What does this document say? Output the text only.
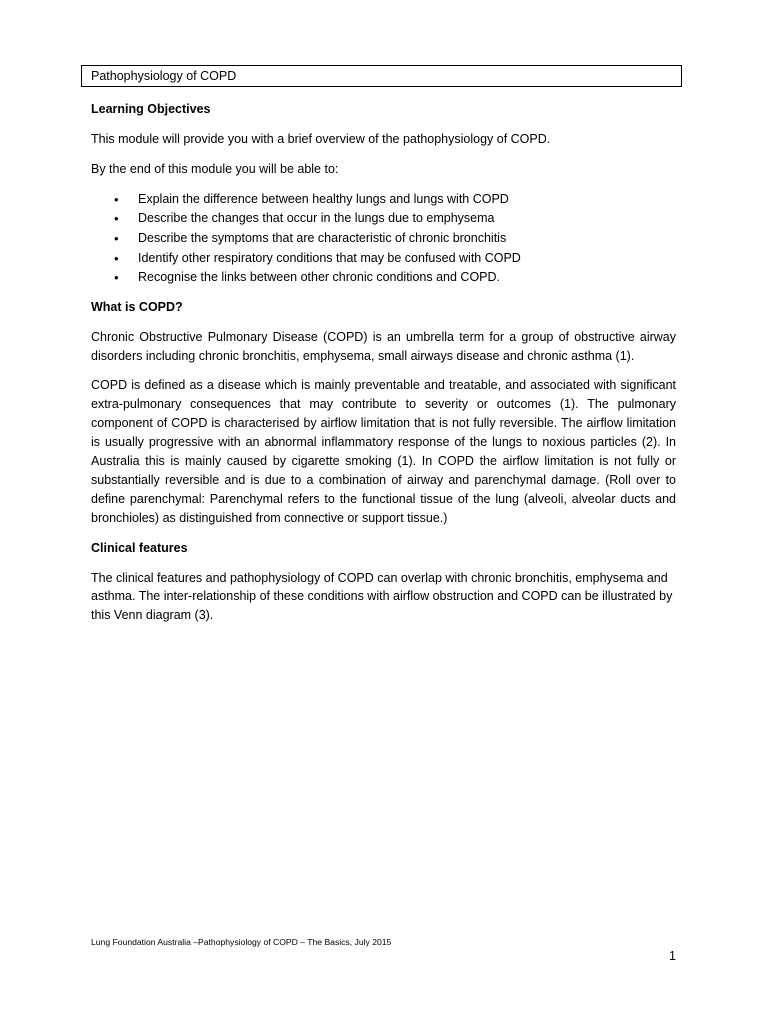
Pathophysiology of COPD
Learning Objectives

This module will provide you with a brief overview of the pathophysiology of COPD.

By the end of this module you will be able to:

• Explain the difference between healthy lungs and lungs with COPD
• Describe the changes that occur in the lungs due to emphysema
• Describe the symptoms that are characteristic of chronic bronchitis
• Identify other respiratory conditions that may be confused with COPD
• Recognise the links between other chronic conditions and COPD.
What is COPD?

Chronic Obstructive Pulmonary Disease (COPD) is an umbrella term for a group of obstructive airway disorders including chronic bronchitis, emphysema, small airways disease and chronic asthma (1).

COPD is defined as a disease which is mainly preventable and treatable, and associated with significant extra-pulmonary consequences that may contribute to severity or outcomes (1). The pulmonary component of COPD is characterised by airflow limitation that is not fully reversible. The airflow limitation is usually progressive with an abnormal inflammatory response of the lungs to noxious particles (2). In Australia this is mainly caused by cigarette smoking (1). In COPD the airflow limitation is not fully or substantially reversible and is due to a combination of airway and parenchymal damage. (Roll over to define parenchymal: Parenchymal refers to the functional tissue of the lung (alveoli, alveolar ducts and bronchioles) as distinguished from connective or support tissue.)

Clinical features

The clinical features and pathophysiology of COPD can overlap with chronic bronchitis, emphysema and asthma. The inter-relationship of these conditions with airflow obstruction and COPD can be illustrated by this Venn diagram (3).

Lung Foundation Australia –Pathophysiology of COPD – The Basics, July 2015
1
